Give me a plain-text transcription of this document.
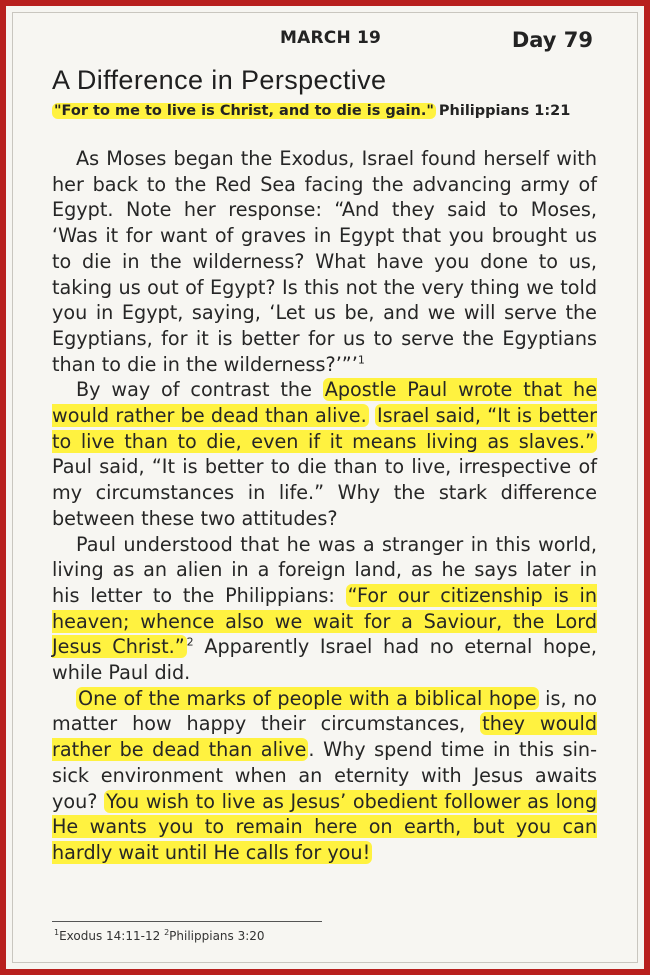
MARCH 19	Day 79
A Difference in Perspective
"For to me to live is Christ, and to die is gain." Philippians 1:21

As Moses began the Exodus, Israel found herself with her back to the Red Sea facing the advancing army of Egypt. Note her response: “And they said to Moses, ‘Was it for want of graves in Egypt that you brought us to die in the wilderness? What have you done to us, taking us out of Egypt? Is this not the very thing we told you in Egypt, saying, ‘Let us be, and we will serve the Egyptians, for it is better for us to serve the Egyptians than to die in the wilderness?’”’$^1$

By way of contrast the Apostle Paul wrote that he would rather be dead than alive. Israel said, “It is better to live than to die, even if it means living as slaves.” Paul said, “It is better to die than to live, irrespective of my circumstances in life.” Why the stark difference between these two attitudes?

Paul understood that he was a stranger in this world, living as an alien in a foreign land, as he says later in his letter to the Philippians: “For our citizenship is in heaven; whence also we wait for a Saviour, the Lord Jesus Christ.” $^2$ Apparently Israel had no eternal hope, while Paul did.

One of the marks of people with a biblical hope is, no matter how happy their circumstances, they would rather be dead than alive . Why spend time in this sin-sick environment when an eternity with Jesus awaits you? You wish to live as Jesus’ obedient follower as long He wants you to remain here on earth, but you can hardly wait until He calls for you!

$^1$Exodus 14:11-12 $^2$Philippians 3:20
